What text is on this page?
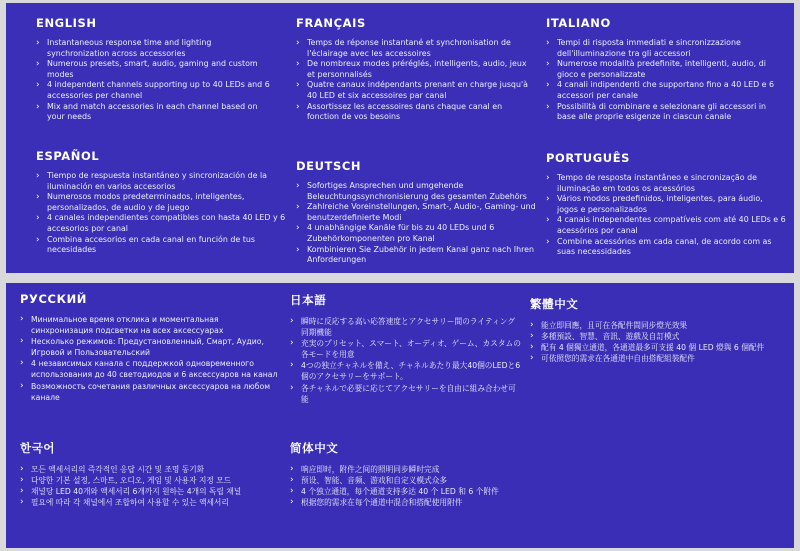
ENGLISH
› Instantaneous response time and lighting synchronization across accessories
› Numerous presets, smart, audio, gaming and custom modes
› 4 independent channels supporting up to 40 LEDs and 6 accessories per channel
› Mix and match accessories in each channel based on your needs
FRANÇAIS
› Temps de réponse instantané et synchronisation de l'éclairage avec les accessoires
› De nombreux modes préréglés, intelligents, audio, jeux et personnalisés
› Quatre canaux indépendants prenant en charge jusqu'à 40 LED et six accessoires par canal
› Assortissez les accessoires dans chaque canal en fonction de vos besoins
ITALIANO
› Tempi di risposta immediati e sincronizzazione dell'illuminazione tra gli accessori
› Numerose modalità predefinite, intelligenti, audio, di gioco e personalizzate
› 4 canali indipendenti che supportano fino a 40 LED e 6 accessori per canale
› Possibilità di combinare e selezionare gli accessori in base alle proprie esigenze in ciascun canale
ESPAÑOL
› Tiempo de respuesta instantáneo y sincronización de la iluminación en varios accesorios
› Numerosos modos predeterminados, inteligentes, personalizados, de audio y de juego
› 4 canales independientes compatibles con hasta 40 LED y 6 accesorios por canal
› Combina accesorios en cada canal en función de tus necesidades
DEUTSCH
› Sofortiges Ansprechen und umgehende Beleuchtungssynchronisierung des gesamten Zubehörs
› Zahlreiche Voreinstellungen, Smart-, Audio-, Gaming- und benutzerdefinierte Modi
› 4 unabhängige Kanäle für bis zu 40 LEDs und 6 Zubehörkomponenten pro Kanal
› Kombinieren Sie Zubehör in jedem Kanal ganz nach Ihren Anforderungen
PORTUGUÊS
› Tempo de resposta instantâneo e sincronização de iluminação em todos os acessórios
› Vários modos predefinidos, inteligentes, para áudio, jogos e personalizados
› 4 canais independentes compatíveis com até 40 LEDs e 6 acessórios por canal
› Combine acessórios em cada canal, de acordo com as suas necessidades
РУССКИЙ
› Минимальное время отклика и моментальная синхронизация подсветки на всех аксессуарах
› Несколько режимов: Предустановленный, Смарт, Аудио, Игровой и Пользовательский
› 4 независимых канала с поддержкой одновременного использования до 40 светодиодов и 6 аксессуаров на канал
› Возможность сочетания различных аксессуаров на любом канале
日本語
› 瞬時に反応する高い応答速度とアクセサリー間のライティング同期機能
› 充実のプリセット、スマート、オーディオ、ゲーム、カスタムの各モードを用意
› 4つの独立チャネルを備え、チャネルあたり最大40個のLEDと6個のアクセサリーをサポート。
› 各チャネルで必要に応じてアクセサリーを自由に組み合わせ可能
繁體中文
› 能立即回應，且可在各配件間同步燈光效果
› 多種預設、智慧、音訊、遊戲及自訂模式
› 配有 4 個獨立通道，各通道最多可支援 40 個 LED 燈與 6 個配件
› 可依照您的需求在各通道中自由搭配組裝配件
한국어
› 모든 액세서리의 즉각적인 응답 시간 및 조명 동기화
› 다양한 기본 설정, 스마트, 오디오, 게임 및 사용자 지정 모드
› 채널당 LED 40개와 액세서리 6개까지 원하는 4개의 독립 채널
› 필요에 따라 각 채널에서 조합하여 사용할 수 있는 액세서리
简体中文
› 响应即时，附件之间的照明同步瞬时完成
› 预设、智能、音频、游戏和自定义模式众多
› 4 个独立通道，每个通道支持多达 40 个 LED 和 6 个附件
› 根据您的需求在每个通道中混合和搭配使用附件
